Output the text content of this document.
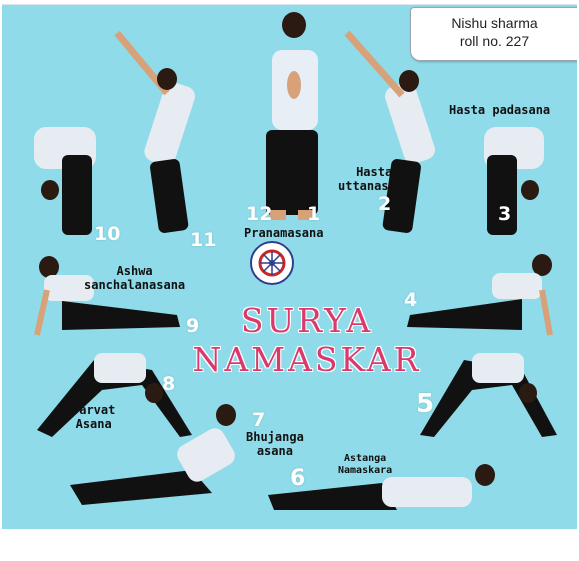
Nishu sharma
roll no. 227
SURYA
NAMASKAR
Hasta
uttanasana
Hasta padasana
Pranamasana
Ashwa
sanchalanasana
Parvat
Asana
Bhujanga
asana
Astanga
Namaskara
12 1	2	3
4
5
6
7
8
9
10	11
